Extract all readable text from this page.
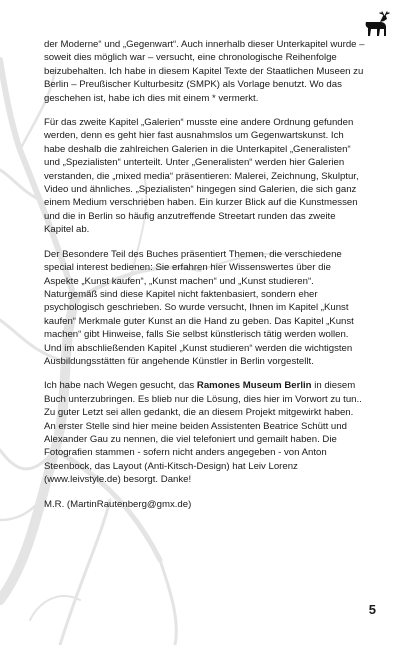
der Moderne“ und „Gegenwart“. Auch innerhalb dieser Unterkapitel wurde – soweit dies möglich war – versucht, eine chronologische Reihenfolge beizubehalten. Ich habe in diesem Kapitel Texte der Staatlichen Museen zu Berlin – Preußischer Kulturbesitz (SMPK) als Vorlage benutzt. Wo das geschehen ist, habe ich dies mit einem * vermerkt.

Für das zweite Kapitel „Galerien“ musste eine andere Ordnung gefunden werden, denn es geht hier fast ausnahmslos um Gegenwartskunst. Ich habe deshalb die zahlreichen Galerien in die Unterkapitel „Generalisten“ und „Spezialisten“ unterteilt. Unter „Generalisten“ werden hier Galerien verstanden, die „mixed media“ präsentieren: Malerei, Zeichnung, Skulptur, Video und ähnliches. „Spezialisten“ hingegen sind Galerien, die sich ganz einem Medium verschrieben haben. Ein kurzer Blick auf die Kunstmessen und die in Berlin so häufig anzutreffende Streetart runden das zweite Kapitel ab.

Der Besondere Teil des Buches präsentiert Themen, die verschiedene special interest bedienen: Sie erfahren hier Wissenswertes über die Aspekte „Kunst kaufen“, „Kunst machen“ und „Kunst studieren“. Naturgemäß sind diese Kapitel nicht faktenbasiert, sondern eher psychologisch geschrieben. So wurde versucht, Ihnen im Kapitel „Kunst kaufen“ Merkmale guter Kunst an die Hand zu geben. Das Kapitel „Kunst machen“ gibt Hinweise, falls Sie selbst künstlerisch tätig werden wollen. Und im abschließenden Kapitel „Kunst studieren“ werden die wichtigsten Ausbildungsstätten für angehende Künstler in Berlin vorgestellt.

Ich habe nach Wegen gesucht, das Ramones Museum Berlin in diesem Buch unterzubringen. Es blieb nur die Lösung, dies hier im Vorwort zu tun.. Zu guter Letzt sei allen gedankt, die an diesem Projekt mitgewirkt haben. An erster Stelle sind hier meine beiden Assistenten Beatrice Schütt und Alexander Gau zu nennen, die viel telefoniert und gemailt haben. Die Fotografien stammen - sofern nicht anders angegeben - von Anton Steenbock, das Layout (Anti-Kitsch-Design) hat Leiv Lorenz (www.leivstyle.de) besorgt. Danke!

M.R. (MartinRautenberg@gmx.de)

5
